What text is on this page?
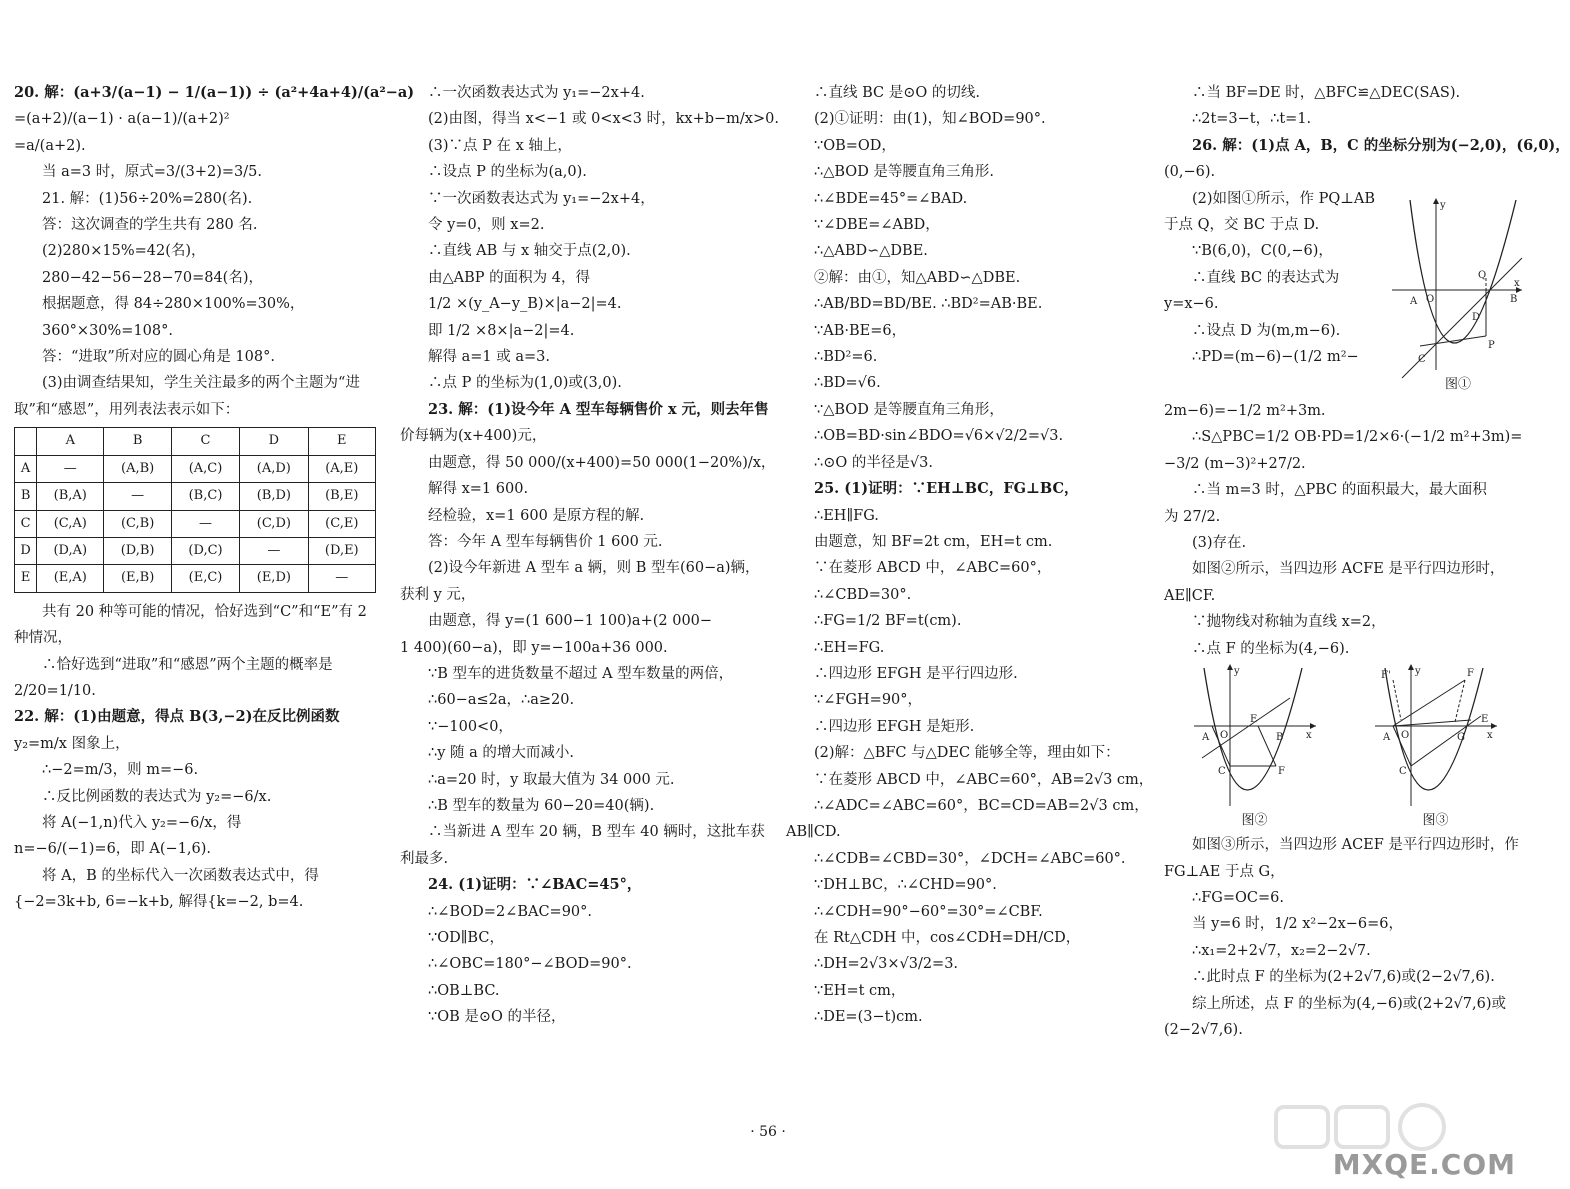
20. 解：(a+3/(a−1) − 1/(a−1)) ÷ (a²+4a+4)/(a²−a)
=(a+2)/(a−1) · a(a−1)/(a+2)²
=a/(a+2).
当 a=3 时，原式=3/(3+2)=3/5.
21. 解：(1)56÷20%=280(名).
答：这次调查的学生共有 280 名.
(2)280×15%=42(名)，
280−42−56−28−70=84(名)，
根据题意，得 84÷280×100%=30%，
360°×30%=108°.
答：“进取”所对应的圆心角是 108°.
(3)由调查结果知，学生关注最多的两个主题为“进
取”和“感恩”，用列表法表示如下：
	A	B	C	D	E
A	—	(A,B)	(A,C)	(A,D)	(A,E)
B	(B,A)	—	(B,C)	(B,D)	(B,E)
C	(C,A)	(C,B)	—	(C,D)	(C,E)
D	(D,A)	(D,B)	(D,C)	—	(D,E)
E	(E,A)	(E,B)	(E,C)	(E,D)	—
共有 20 种等可能的情况，恰好选到“C”和“E”有 2
种情况，
∴恰好选到“进取”和“感恩”两个主题的概率是
2/20=1/10.
22. 解：(1)由题意，得点 B(3,−2)在反比例函数
y₂=m/x 图象上，
∴−2=m/3，则 m=−6.
∴反比例函数的表达式为 y₂=−6/x.
将 A(−1,n)代入 y₂=−6/x，得
n=−6/(−1)=6，即 A(−1,6).
将 A，B 的坐标代入一次函数表达式中，得
{−2=3k+b, 6=−k+b, 解得{k=−2, b=4.
∴一次函数表达式为 y₁=−2x+4.
(2)由图，得当 x<−1 或 0<x<3 时，kx+b−m/x>0.
(3)∵点 P 在 x 轴上，
∴设点 P 的坐标为(a,0).
∵一次函数表达式为 y₁=−2x+4，
令 y=0，则 x=2.
∴直线 AB 与 x 轴交于点(2,0).
由△ABP 的面积为 4，得
1/2 ×(y_A−y_B)×|a−2|=4.
即 1/2 ×8×|a−2|=4.
解得 a=1 或 a=3.
∴点 P 的坐标为(1,0)或(3,0).
23. 解：(1)设今年 A 型车每辆售价 x 元，则去年售
价每辆为(x+400)元，
由题意，得 50 000/(x+400)=50 000(1−20%)/x，
解得 x=1 600.
经检验，x=1 600 是原方程的解.
答：今年 A 型车每辆售价 1 600 元.
(2)设今年新进 A 型车 a 辆，则 B 型车(60−a)辆，
获利 y 元，
由题意，得 y=(1 600−1 100)a+(2 000−
1 400)(60−a)，即 y=−100a+36 000.
∵B 型车的进货数量不超过 A 型车数量的两倍，
∴60−a≤2a，∴a≥20.
∵−100<0，
∴y 随 a 的增大而减小.
∴a=20 时，y 取最大值为 34 000 元.
∴B 型车的数量为 60−20=40(辆).
∴当新进 A 型车 20 辆，B 型车 40 辆时，这批车获
利最多.
24. (1)证明：∵∠BAC=45°，
∴∠BOD=2∠BAC=90°.
∵OD∥BC，
∴∠OBC=180°−∠BOD=90°.
∴OB⊥BC.
∵OB 是⊙O 的半径，
∴直线 BC 是⊙O 的切线.
(2)①证明：由(1)，知∠BOD=90°.
∵OB=OD，
∴△BOD 是等腰直角三角形.
∴∠BDE=45°=∠BAD.
∵∠DBE=∠ABD，
∴△ABD∽△DBE.
②解：由①，知△ABD∽△DBE.
∴AB/BD=BD/BE. ∴BD²=AB·BE.
∵AB·BE=6，
∴BD²=6.
∴BD=√6.
∵△BOD 是等腰直角三角形，
∴OB=BD·sin∠BDO=√6×√2/2=√3.
∴⊙O 的半径是√3.
25. (1)证明：∵EH⊥BC，FG⊥BC，
∴EH∥FG.
由题意，知 BF=2t cm，EH=t cm.
∵在菱形 ABCD 中，∠ABC=60°，
∴∠CBD=30°.
∴FG=1/2 BF=t(cm).
∴EH=FG.
∴四边形 EFGH 是平行四边形.
∵∠FGH=90°，
∴四边形 EFGH 是矩形.
(2)解：△BFC 与△DEC 能够全等，理由如下：
∵在菱形 ABCD 中，∠ABC=60°，AB=2√3 cm，
∴∠ADC=∠ABC=60°，BC=CD=AB=2√3 cm，
AB∥CD.
∴∠CDB=∠CBD=30°，∠DCH=∠ABC=60°.
∵DH⊥BC，∴∠CHD=90°.
∴∠CDH=90°−60°=30°=∠CBF.
在 Rt△CDH 中，cos∠CDH=DH/CD，
∴DH=2√3×√3/2=3.
∵EH=t cm，
∴DE=(3−t)cm.
∴当 BF=DE 时，△BFC≌△DEC(SAS).
∴2t=3−t，∴t=1.
26. 解：(1)点 A，B，C 的坐标分别为(−2,0)，(6,0)，
(0,−6).
(2)如图①所示，作 PQ⊥AB
于点 Q，交 BC 于点 D.
∵B(6,0)，C(0,−6)，
∴直线 BC 的表达式为
y=x−6.
∴设点 D 为(m,m−6).
∴PD=(m−6)−(1/2 m²−
A O	B
Q
D
C
P
y
x
图①
2m−6)=−1/2 m²+3m.
∴S△PBC=1/2 OB·PD=1/2×6·(−1/2 m²+3m)=
−3/2 (m−3)²+27/2.
∴当 m=3 时，△PBC 的面积最大，最大面积
为 27/2.
(3)存在.
如图②所示，当四边形 ACFE 是平行四边形时，
AE∥CF.
∵抛物线对称轴为直线 x=2，
∴点 F 的坐标为(4,−6).
A O	B
E
C	F
y
x
图②
A O	G
F
F'
E
C
y
x
图③
如图③所示，当四边形 ACEF 是平行四边形时，作
FG⊥AE 于点 G，
∴FG=OC=6.
当 y=6 时，1/2 x²−2x−6=6，
∴x₁=2+2√7，x₂=2−2√7.
∴此时点 F 的坐标为(2+2√7,6)或(2−2√7,6).
综上所述，点 F 的坐标为(4,−6)或(2+2√7,6)或
(2−2√7,6).
· 56 ·
MXQE.COM
